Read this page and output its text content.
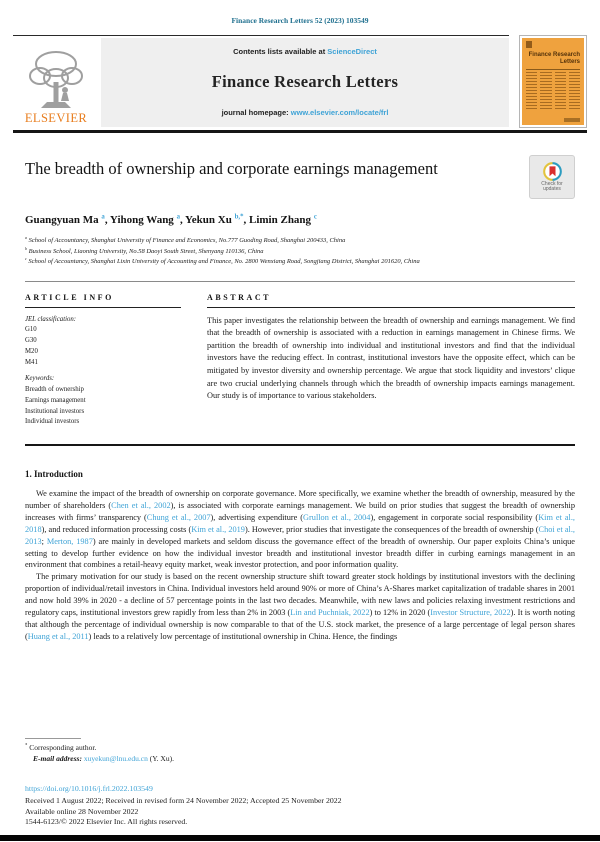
Finance Research Letters 52 (2023) 103549
ELSEVIER
Contents lists available at ScienceDirect
Finance Research Letters
journal homepage: www.elsevier.com/locate/frl
Finance Research Letters
The breadth of ownership and corporate earnings management
Check for
updates
Guangyuan Ma $^a$, Yihong Wang $^a$, Yekun Xu $^{b,*}$, Limin Zhang $^c$
$^a$ School of Accountancy, Shanghai University of Finance and Economics, No.777 Guoding Road, Shanghai 200433, China
$^b$ Business School, Liaoning University, No.58 Daoyi South Street, Shenyang 110136, China
$^c$ School of Accountancy, Shanghai Lixin University of Accounting and Finance, No. 2800 Wenxiang Road, Songjiang District, Shanghai 201620, China
ARTICLE INFO
JEL classification:
G10
G30
M20
M41
Keywords:
Breadth of ownership
Earnings management
Institutional investors
Individual investors
ABSTRACT
This paper investigates the relationship between the breadth of ownership and earnings management. We find that the breadth of ownership is associated with a reduction in earnings management in Chinese firms. We partition the breadth of ownership into individual and institutional investors and find that the individual investors have the reducing effect. In contrast, institutional investors have the opposite effect, which can be mitigated by investor diversity and ownership percentage. We argue that stock liquidity and investors’ clique are two crucial underlying channels through which the breadth of ownership impacts earnings management. Our study is of importance to various stakeholders.
1. Introduction
We examine the impact of the breadth of ownership on corporate governance. More specifically, we examine whether the breadth of ownership, measured by the number of shareholders (Chen et al., 2002), is associated with corporate earnings management. We build on prior studies that suggest the breadth of ownership increases with firms’ transparency (Chung et al., 2007), advertising expenditure (Grullon et al., 2004), engagement in corporate social responsibility (Kim et al., 2018), and reduced information processing costs (Kim et al., 2019). However, prior studies that investigate the consequences of the breadth of ownership (Choi et al., 2013; Merton, 1987) are mainly in developed markets and seldom discuss the governance effect of the breadth of ownership. Our paper exploits China’s unique setting to develop further evidence on how the individual investor breadth and institutional investor breadth differ in curbing earnings management in an environment that combines a retail-heavy equity market, weak investor protection, and poor information quality.
The primary motivation for our study is based on the recent ownership structure shift toward greater stock holdings by institutional investors with the declining proportion of individual/retail investors in China. Individual investors held around 90% or more of China’s A-Shares market capitalization of tradable shares in 2001 and now hold 39% in 2020 - a decline of 57 percentage points in the last two decades. Meanwhile, with new laws and policies relaxing investment restrictions and regulatory caps, institutional investors grew rapidly from less than 2% in 2003 (Lin and Puchniak, 2022) to 12% in 2020 (Investor Structure, 2022). It is worth noting that although the percentage of individual ownership is now comparable to that of the U.S. stock market, the presence of a large percentage of legal person shares (Huang et al., 2011) leads to a relatively low percentage of institutional ownership in China. Hence, the findings
* Corresponding author.
E-mail address: xuyekun@lnu.edu.cn (Y. Xu).
https://doi.org/10.1016/j.frl.2022.103549
Received 1 August 2022; Received in revised form 24 November 2022; Accepted 25 November 2022
Available online 28 November 2022
1544-6123/© 2022 Elsevier Inc. All rights reserved.
